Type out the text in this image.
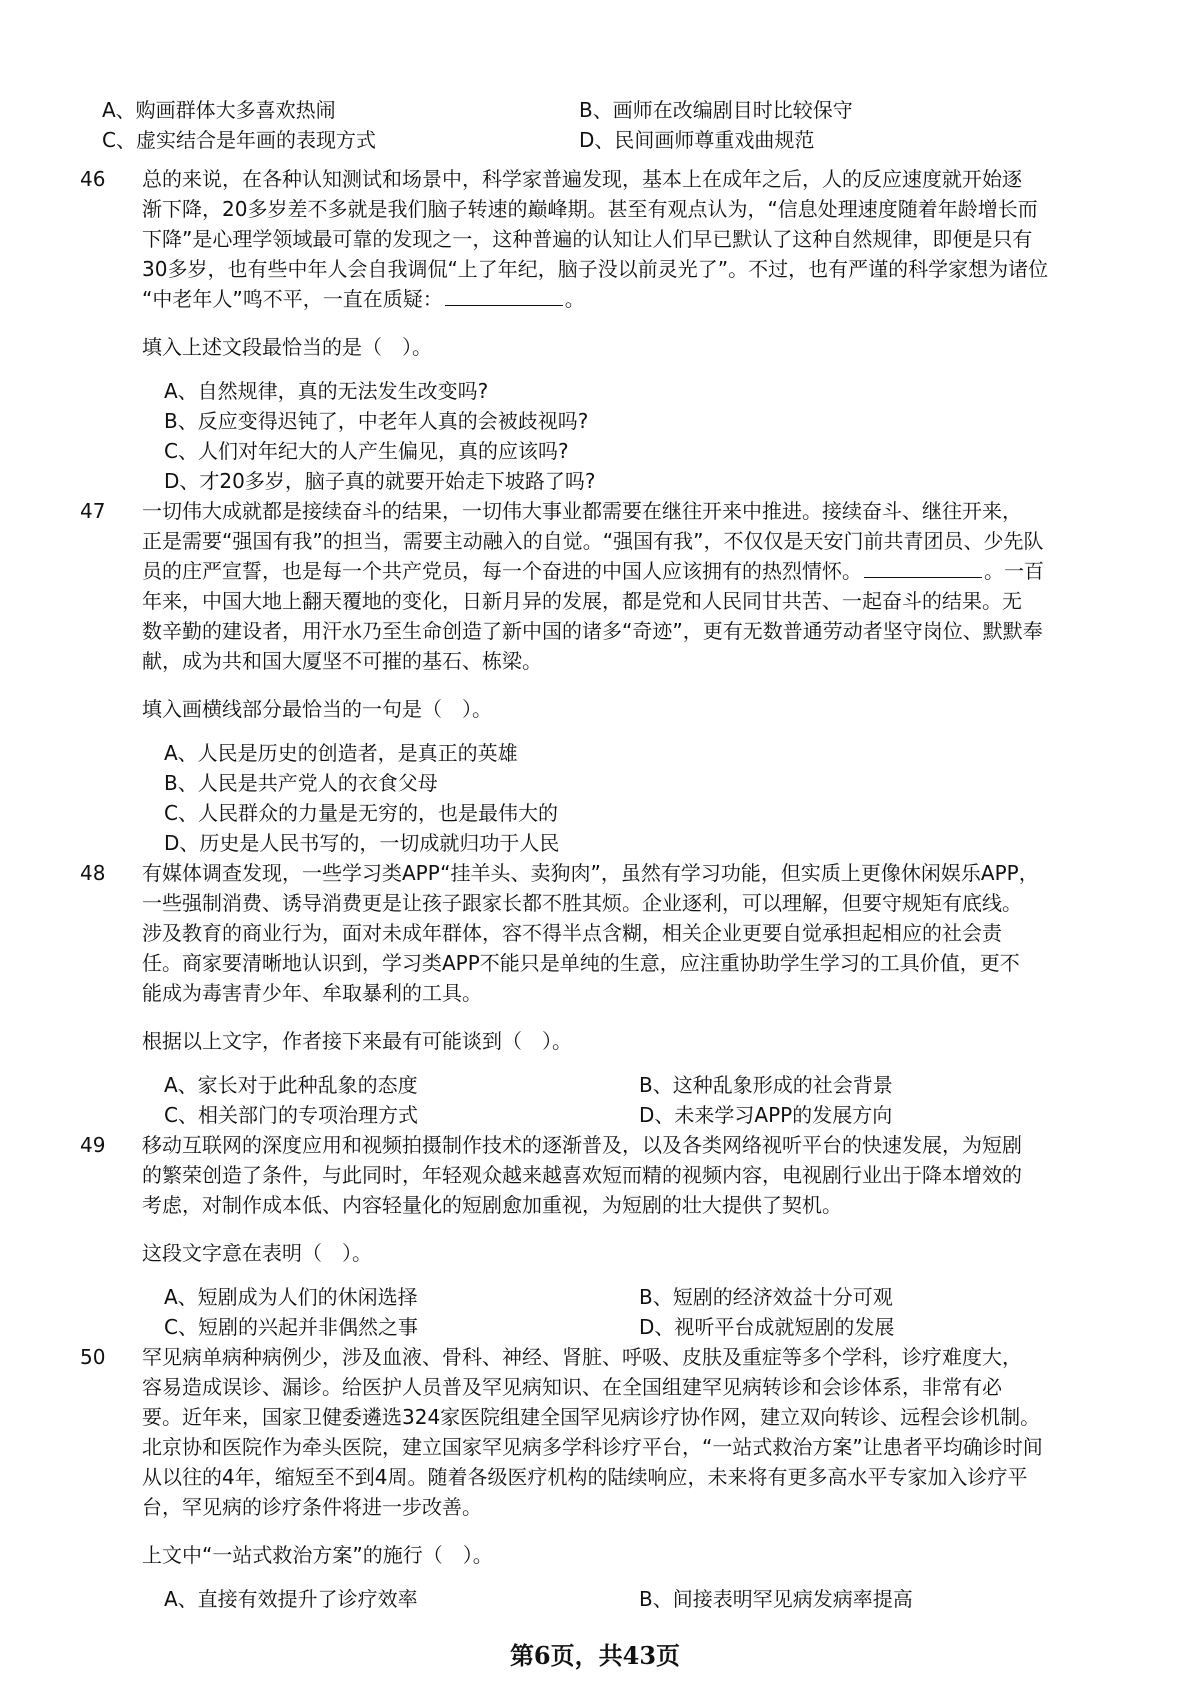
A、购画群体大多喜欢热闹	B、画师在改编剧目时比较保守
C、虚实结合是年画的表现方式	D、民间画师尊重戏曲规范
46 总的来说，在各种认知测试和场景中，科学家普遍发现，基本上在成年之后，人的反应速度就开始逐
渐下降，20多岁差不多就是我们脑子转速的巅峰期。甚至有观点认为，“信息处理速度随着年龄增长而
下降”是心理学领域最可靠的发现之一，这种普遍的认知让人们早已默认了这种自然规律，即便是只有
30多岁，也有些中年人会自我调侃“上了年纪，脑子没以前灵光了”。不过，也有严谨的科学家想为诸位
“中老年人”鸣不平，一直在质疑：	。
填入上述文段最恰当的是（　）。
A、自然规律，真的无法发生改变吗?
B、反应变得迟钝了，中老年人真的会被歧视吗?
C、人们对年纪大的人产生偏见，真的应该吗?
D、才20多岁，脑子真的就要开始走下坡路了吗?
47 一切伟大成就都是接续奋斗的结果，一切伟大事业都需要在继往开来中推进。接续奋斗、继往开来，
正是需要“强国有我”的担当，需要主动融入的自觉。“强国有我”，不仅仅是天安门前共青团员、少先队
员的庄严宣誓，也是每一个共产党员，每一个奋进的中国人应该拥有的热烈情怀。	。一百
年来，中国大地上翻天覆地的变化，日新月异的发展，都是党和人民同甘共苦、一起奋斗的结果。无
数辛勤的建设者，用汗水乃至生命创造了新中国的诸多“奇迹”，更有无数普通劳动者坚守岗位、默默奉
献，成为共和国大厦坚不可摧的基石、栋梁。
填入画横线部分最恰当的一句是（　）。
A、人民是历史的创造者，是真正的英雄
B、人民是共产党人的衣食父母
C、人民群众的力量是无穷的，也是最伟大的
D、历史是人民书写的，一切成就归功于人民
48 有媒体调查发现，一些学习类APP“挂羊头、卖狗肉”，虽然有学习功能，但实质上更像休闲娱乐APP，
一些强制消费、诱导消费更是让孩子跟家长都不胜其烦。企业逐利，可以理解，但要守规矩有底线。
涉及教育的商业行为，面对未成年群体，容不得半点含糊，相关企业更要自觉承担起相应的社会责
任。商家要清晰地认识到，学习类APP不能只是单纯的生意，应注重协助学生学习的工具价值，更不
能成为毒害青少年、牟取暴利的工具。
根据以上文字，作者接下来最有可能谈到（　）。
A、家长对于此种乱象的态度	B、这种乱象形成的社会背景
C、相关部门的专项治理方式	D、未来学习APP的发展方向
49 移动互联网的深度应用和视频拍摄制作技术的逐渐普及，以及各类网络视听平台的快速发展，为短剧
的繁荣创造了条件，与此同时，年轻观众越来越喜欢短而精的视频内容，电视剧行业出于降本增效的
考虑，对制作成本低、内容轻量化的短剧愈加重视，为短剧的壮大提供了契机。
这段文字意在表明（　）。
A、短剧成为人们的休闲选择	B、短剧的经济效益十分可观
C、短剧的兴起并非偶然之事	D、视听平台成就短剧的发展
50 罕见病单病种病例少，涉及血液、骨科、神经、肾脏、呼吸、皮肤及重症等多个学科，诊疗难度大，
容易造成误诊、漏诊。给医护人员普及罕见病知识、在全国组建罕见病转诊和会诊体系，非常有必
要。近年来，国家卫健委遴选324家医院组建全国罕见病诊疗协作网，建立双向转诊、远程会诊机制。
北京协和医院作为牵头医院，建立国家罕见病多学科诊疗平台，“一站式救治方案”让患者平均确诊时间
从以往的4年，缩短至不到4周。随着各级医疗机构的陆续响应，未来将有更多高水平专家加入诊疗平
台，罕见病的诊疗条件将进一步改善。
上文中“一站式救治方案”的施行（　）。
A、直接有效提升了诊疗效率	B、间接表明罕见病发病率提高
第6页，共43页
